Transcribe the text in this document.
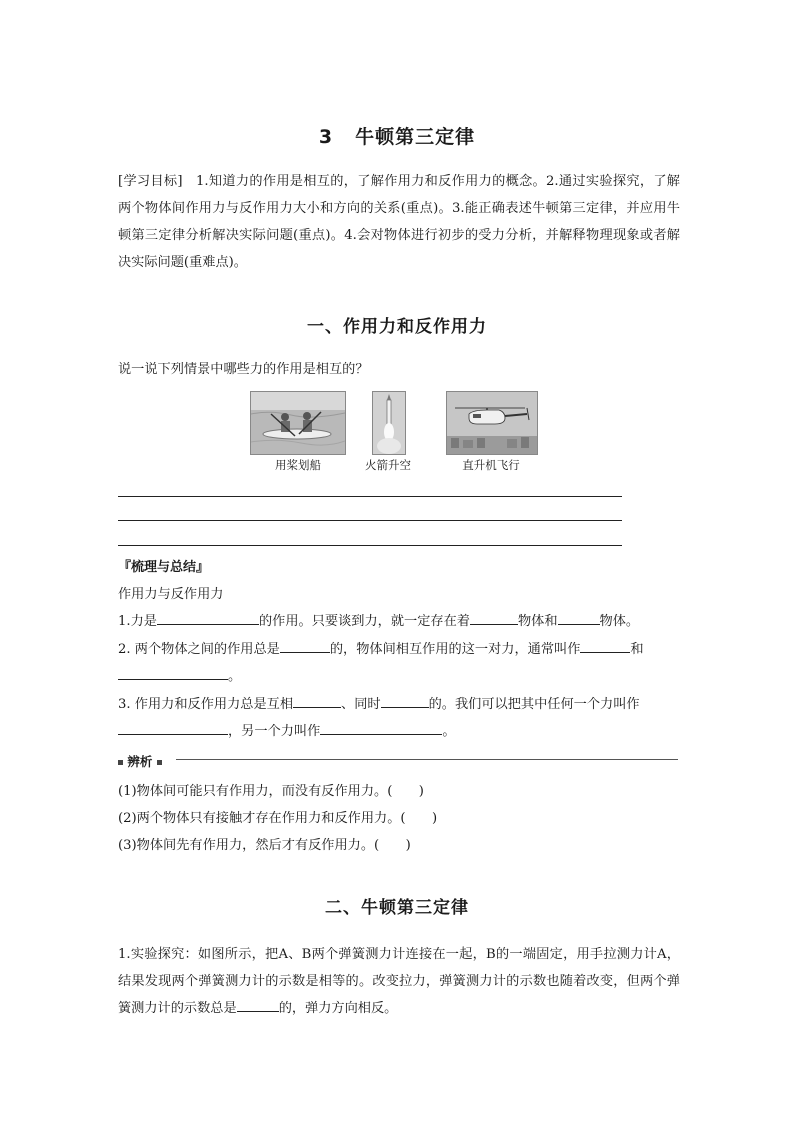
3 牛顿第三定律
[学习目标] 1.知道力的作用是相互的，了解作用力和反作用力的概念。2.通过实验探究，了解两个物体间作用力与反作用力大小和方向的关系(重点)。3.能正确表述牛顿第三定律，并应用牛顿第三定律分析解决实际问题(重点)。4.会对物体进行初步的受力分析，并解释物理现象或者解决实际问题(重难点)。
一、作用力和反作用力
说一说下列情景中哪些力的作用是相互的？
用桨划船	火箭升空	直升机飞行
『梳理与总结』
作用力与反作用力
1.力是	的作用。只要谈到力，就一定存在着	物体和	物体。
2. 两个物体之间的作用总是	的，物体间相互作用的这一对力，通常叫作	和
。
3. 作用力和反作用力总是互相	、同时	的。我们可以把其中任何一个力叫作
，另一个力叫作	。
辨析
(1)物体间可能只有作用力，而没有反作用力。(　　)
(2)两个物体只有接触才存在作用力和反作用力。(　　)
(3)物体间先有作用力，然后才有反作用力。(　　)
二、牛顿第三定律
1.实验探究：如图所示，把A、B两个弹簧测力计连接在一起，B的一端固定，用手拉测力计A，结果发现两个弹簧测力计的示数是相等的。改变拉力，弹簧测力计的示数也随着改变，但两个弹簧测力计的示数总是	的，弹力方向相反。
